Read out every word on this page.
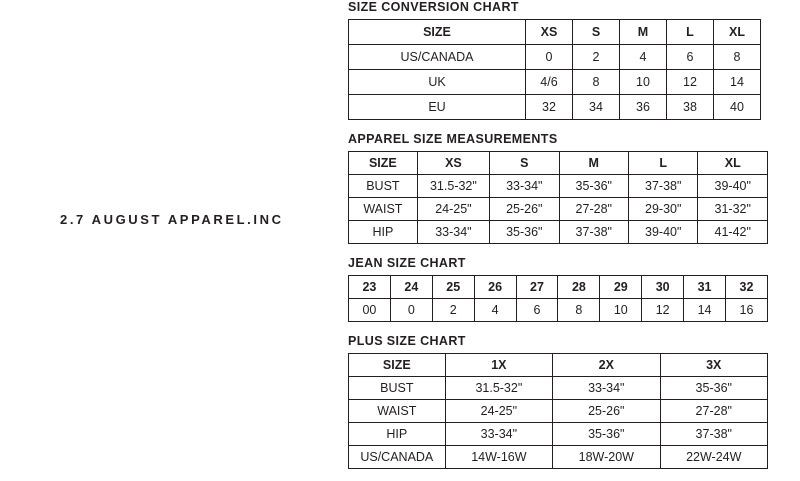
2.7 AUGUST APPAREL.INC
SIZE CONVERSION CHART
SIZE	XS	S	M	L	XL
US/CANADA	0	2	4	6	8
UK	4/6	8	10	12	14
EU	32	34	36	38	40
APPAREL SIZE MEASUREMENTS
SIZE	XS	S	M	L	XL
BUST	31.5-32"	33-34"	35-36"	37-38"	39-40"
WAIST	24-25"	25-26"	27-28"	29-30"	31-32"
HIP	33-34"	35-36"	37-38"	39-40"	41-42"
JEAN SIZE CHART
23	24	25	26	27	28	29	30	31	32
00	0	2	4	6	8	10	12	14	16
PLUS SIZE CHART
SIZE	1X	2X	3X
BUST	31.5-32"	33-34"	35-36"
WAIST	24-25"	25-26"	27-28"
HIP	33-34"	35-36"	37-38"
US/CANADA	14W-16W	18W-20W	22W-24W
